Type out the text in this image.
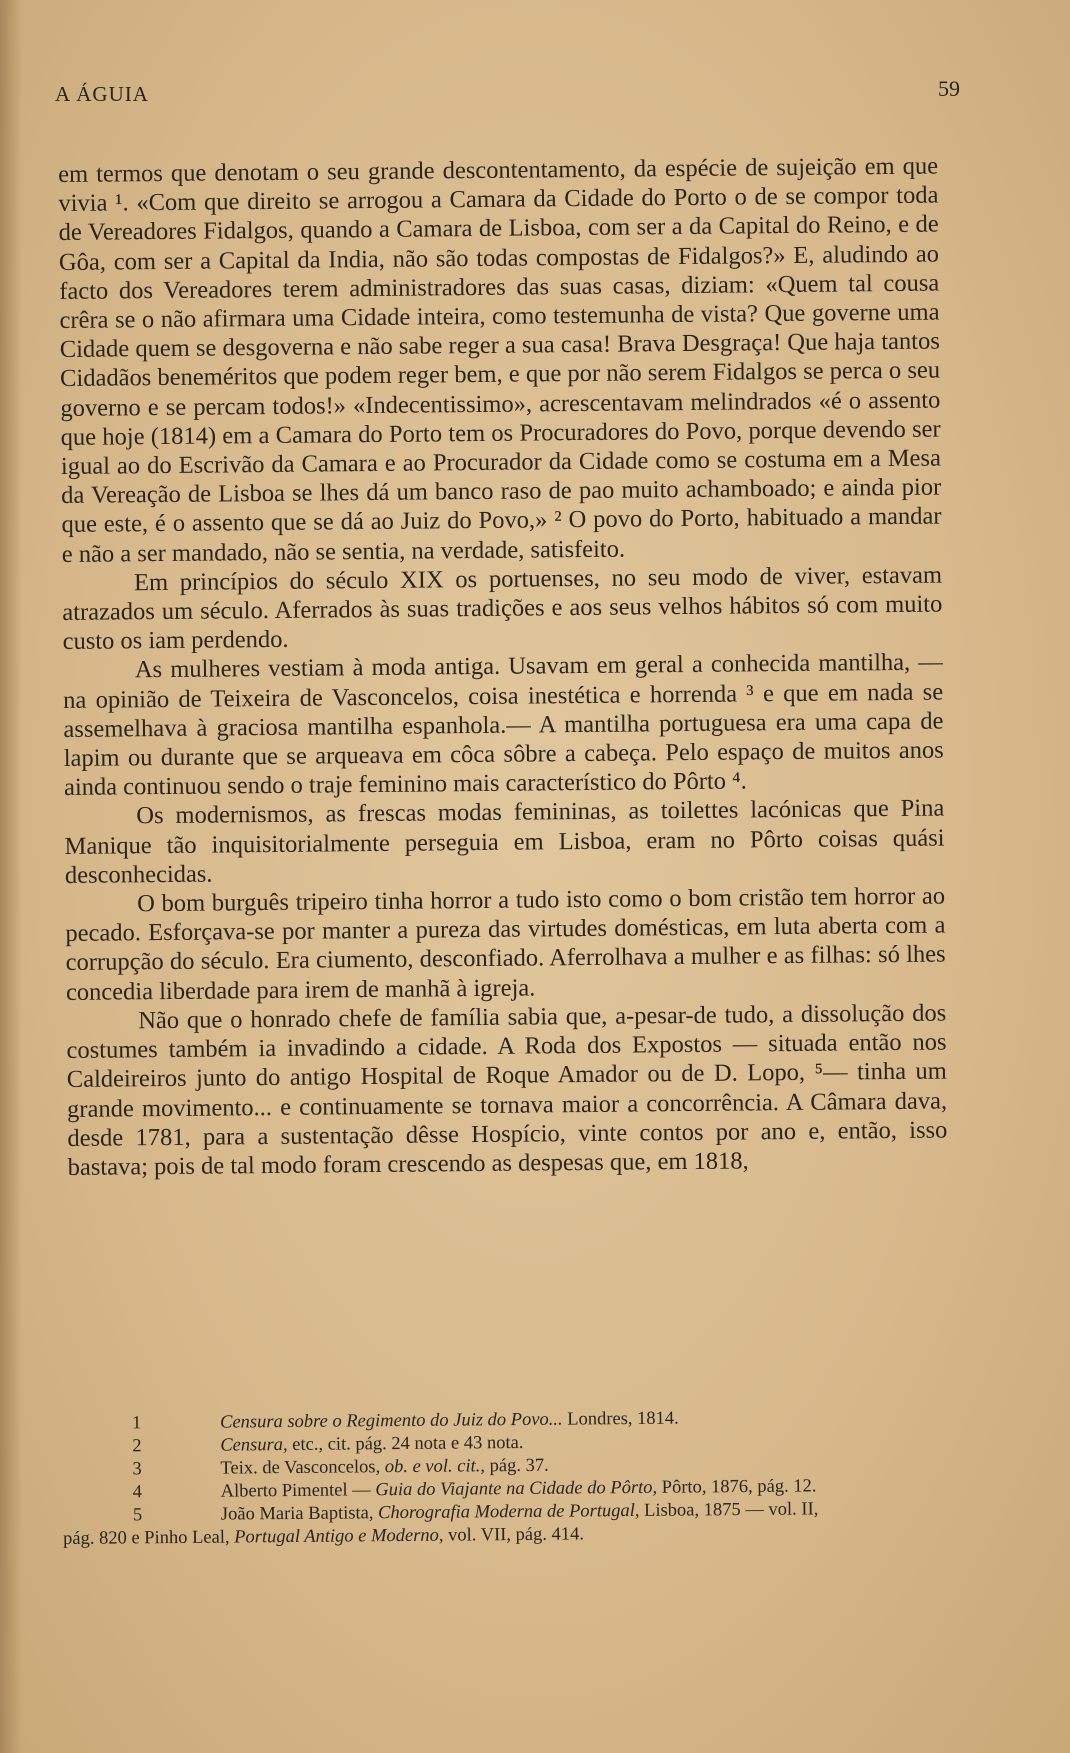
A ÁGUIA	59

em termos que denotam o seu grande descontentamento, da espécie de sujeição em que vivia ¹. «Com que direito se arrogou a Camara da Cidade do Porto o de se compor toda de Vereadores Fidalgos, quando a Camara de Lisboa, com ser a da Capital do Reino, e de Gôa, com ser a Capital da India, não são todas compostas de Fidalgos?» E, aludindo ao facto dos Vereadores terem administradores das suas casas, diziam: «Quem tal cousa crêra se o não afirmara uma Cidade inteira, como testemunha de vista? Que governe uma Cidade quem se desgoverna e não sabe reger a sua casa! Brava Desgraça! Que haja tantos Cidadãos beneméritos que podem reger bem, e que por não serem Fidalgos se perca o seu governo e se percam todos!» «Indecentissimo», acrescentavam melindrados «é o assento que hoje (1814) em a Camara do Porto tem os Procuradores do Povo, porque devendo ser igual ao do Escrivão da Camara e ao Procurador da Cidade como se costuma em a Mesa da Vereação de Lisboa se lhes dá um banco raso de pao muito achamboado; e ainda pior que este, é o assento que se dá ao Juiz do Povo,» ² O povo do Porto, habituado a mandar e não a ser mandado, não se sentia, na verdade, satisfeito.

Em princípios do século XIX os portuenses, no seu modo de viver, estavam atrazados um século. Aferrados às suas tradições e aos seus velhos hábitos só com muito custo os iam perdendo.

As mulheres vestiam à moda antiga. Usavam em geral a conhecida mantilha, — na opinião de Teixeira de Vasconcelos, coisa inestética e horrenda ³ e que em nada se assemelhava à graciosa mantilha espanhola.— A mantilha portuguesa era uma capa de lapim ou durante que se arqueava em côca sôbre a cabeça. Pelo espaço de muitos anos ainda continuou sendo o traje feminino mais característico do Pôrto ⁴.

Os modernismos, as frescas modas femininas, as toilettes lacónicas que Pina Manique tão inquisitorialmente perseguia em Lisboa, eram no Pôrto coisas quási desconhecidas.

O bom burguês tripeiro tinha horror a tudo isto como o bom cristão tem horror ao pecado. Esforçava-se por manter a pureza das virtudes domésticas, em luta aberta com a corrupção do século. Era ciumento, desconfiado. Aferrolhava a mulher e as filhas: só lhes concedia liberdade para irem de manhã à igreja.

Não que o honrado chefe de família sabia que, a-pesar-de tudo, a dissolução dos costumes também ia invadindo a cidade. A Roda dos Expostos — situada então nos Caldeireiros junto do antigo Hospital de Roque Amador ou de D. Lopo, ⁵— tinha um grande movimento... e continuamente se tornava maior a concorrência. A Câmara dava, desde 1781, para a sustentação dêsse Hospício, vinte contos por ano e, então, isso bastava; pois de tal modo foram crescendo as despesas que, em 1818,

1	Censura sobre o Regimento do Juiz do Povo... Londres, 1814.
2	Censura, etc., cit. pág. 24 nota e 43 nota.
3	Teix. de Vasconcelos, ob. e vol. cit., pág. 37.
4	Alberto Pimentel — Guia do Viajante na Cidade do Pôrto, Pôrto, 1876, pág. 12.
5	João Maria Baptista, Chorografia Moderna de Portugal, Lisboa, 1875 — vol. II,
pág. 820 e Pinho Leal, Portugal Antigo e Moderno, vol. VII, pág. 414.
